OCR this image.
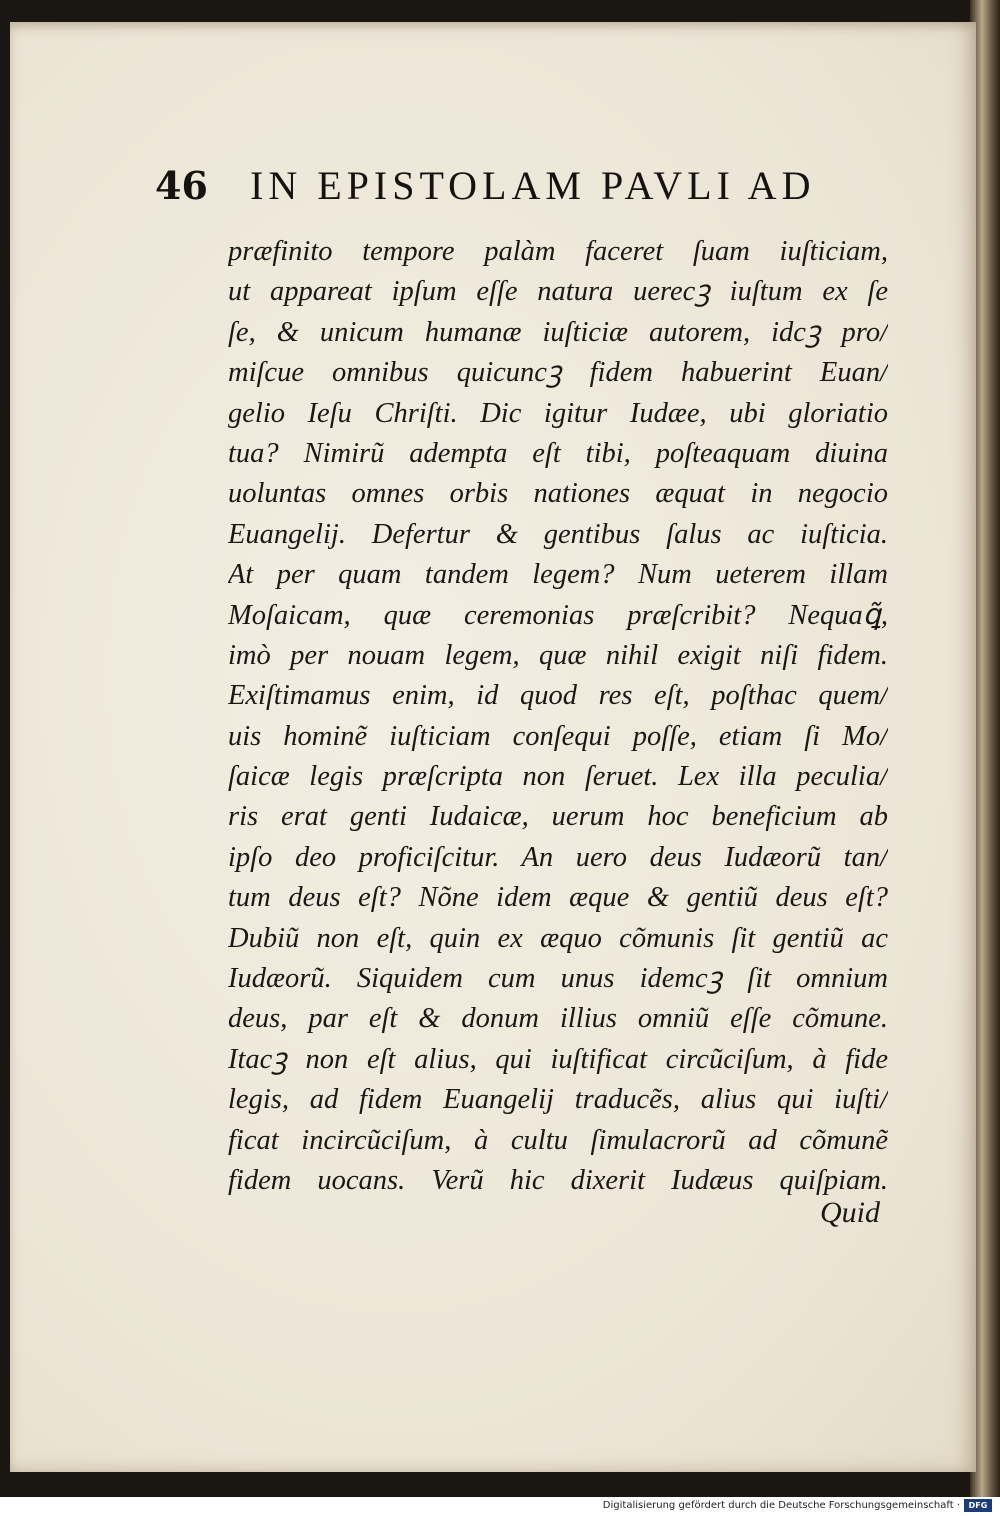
46	IN EPISTOLAM PAVLI AD
præfinito tempore palàm faceret ſuam iuſticiam,
ut appareat ipſum eſſe natura uerecꝫ iuſtum ex ſe
ſe, & unicum humanæ iuſticiæ autorem, idcꝫ pro/
miſcue omnibus quicuncꝫ fidem habuerint Euan/
gelio Ieſu Chriſti. Dic igitur Iudæe, ubi gloriatio
tua? Nimirũ adempta eſt tibi, poſteaquam diuina
uoluntas omnes orbis nationes æquat in negocio
Euangelij. Defertur & gentibus ſalus ac iuſticia.
At per quam tandem legem? Num ueterem illam
Moſaicam, quæ ceremonias præſcribit? Nequaꝗ̃,
imò per nouam legem, quæ nihil exigit niſi fidem.
Exiſtimamus enim, id quod res eſt, poſthac quem/
uis hominẽ iuſticiam conſequi poſſe, etiam ſi Mo/
ſaicæ legis præſcripta non ſeruet. Lex illa peculia/
ris erat genti Iudaicæ, uerum hoc beneficium ab
ipſo deo proficiſcitur. An uero deus Iudæorũ tan/
tum deus eſt? Nõne idem æque & gentiũ deus eſt?
Dubiũ non eſt, quin ex æquo cõmunis ſit gentiũ ac
Iudæorũ. Siquidem cum unus idemcꝫ ſit omnium
deus, par eſt & donum illius omniũ eſſe cõmune.
Itacꝫ non eſt alius, qui iuſtificat circũciſum, à fide
legis, ad fidem Euangelij traducẽs, alius qui iuſti/
ficat incircũciſum, à cultu ſimulacrorũ ad cõmunẽ
fidem uocans. Verũ hic dixerit Iudæus quiſpiam.
Quid
Digitalisierung gefördert durch die Deutsche Forschungsgemeinschaft ·	DFG
